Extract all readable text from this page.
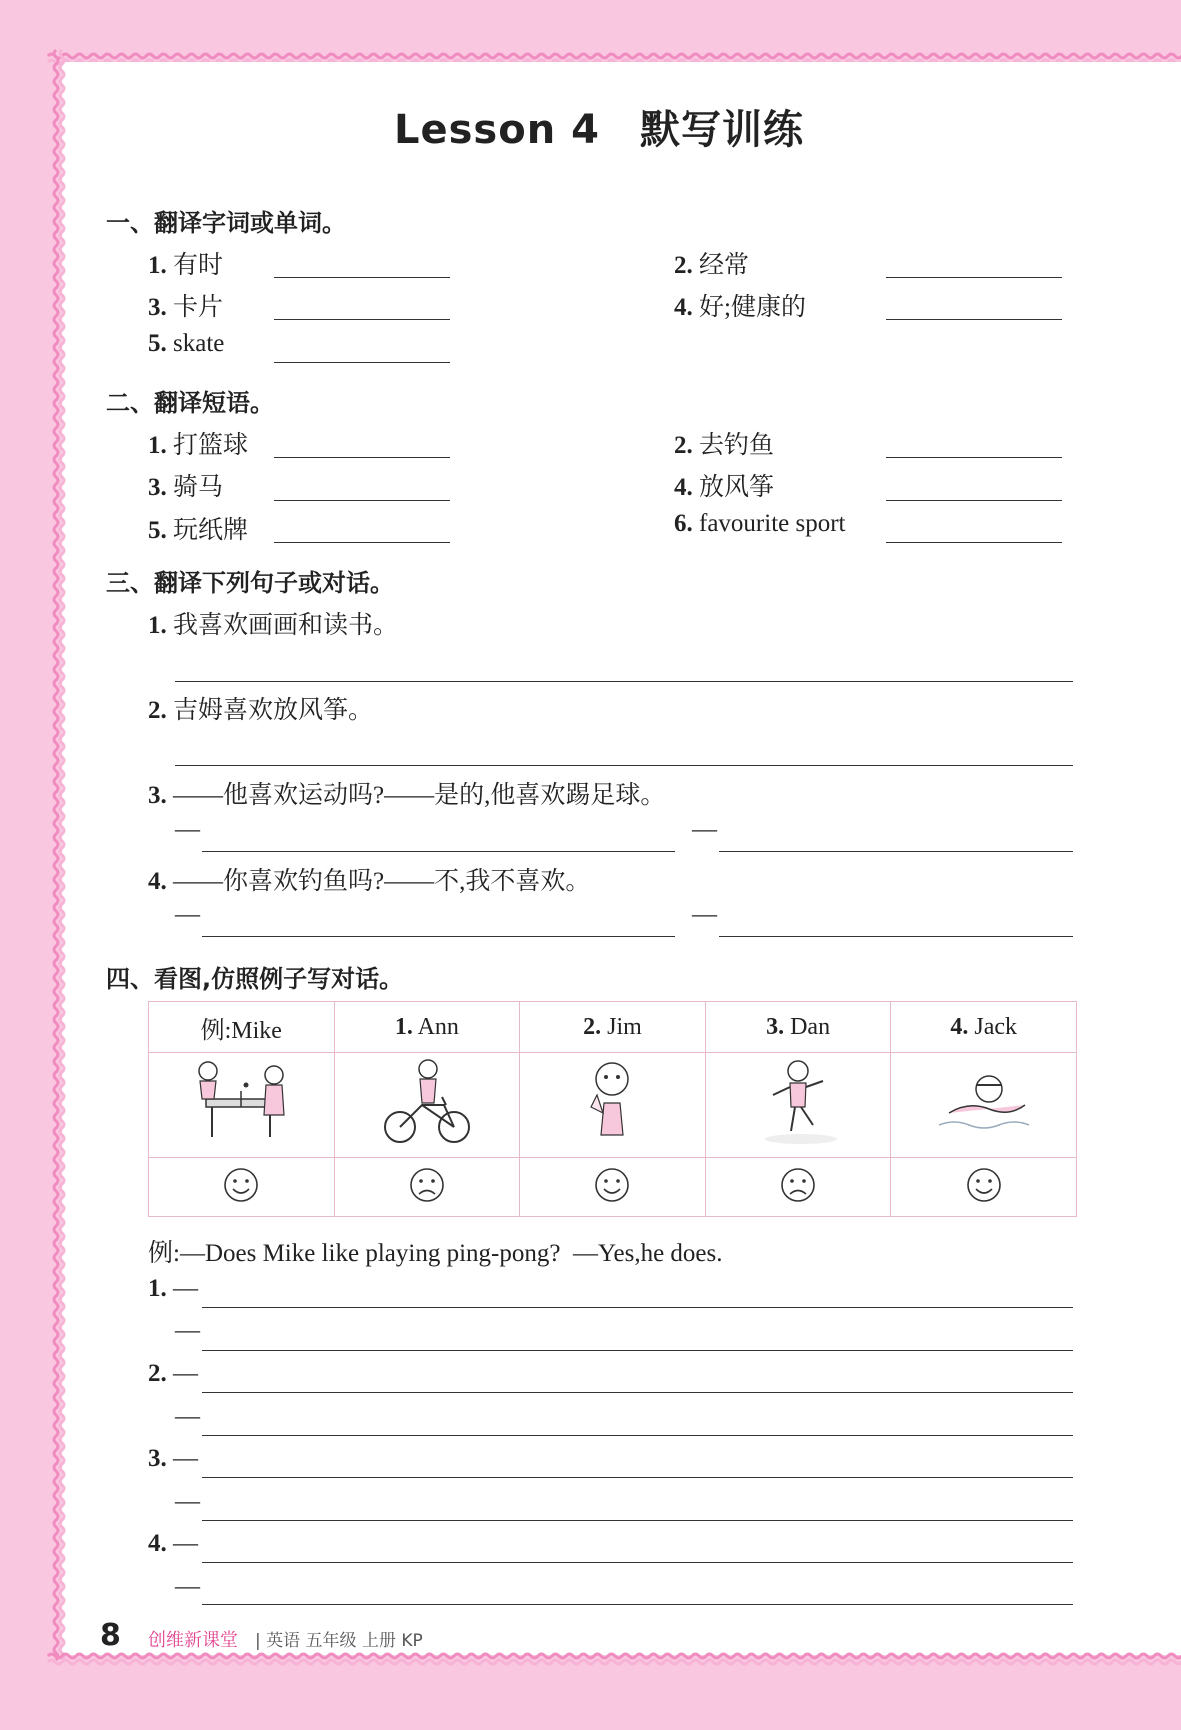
Lesson 4 默写训练
一、翻译字词或单词。
1. 有时	2. 经常
3. 卡片	4. 好;健康的
5. skate
二、翻译短语。
1. 打篮球	2. 去钓鱼
3. 骑马	4. 放风筝
5. 玩纸牌	6. favourite sport
三、翻译下列句子或对话。
1. 我喜欢画画和读书。
2. 吉姆喜欢放风筝。
3. ——他喜欢运动吗?——是的,他喜欢踢足球。
—	—
4. ——你喜欢钓鱼吗?——不,我不喜欢。
—	—
四、看图,仿照例子写对话。
例:Mike	1. Ann	2. Jim	3. Dan	4. Jack

例:—Does Mike like playing ping-pong? —Yes,he does.
1. —
—
2. —
—
3. —
—
4. —
—
8 创维新课堂 | 英语 五年级 上册 KP
